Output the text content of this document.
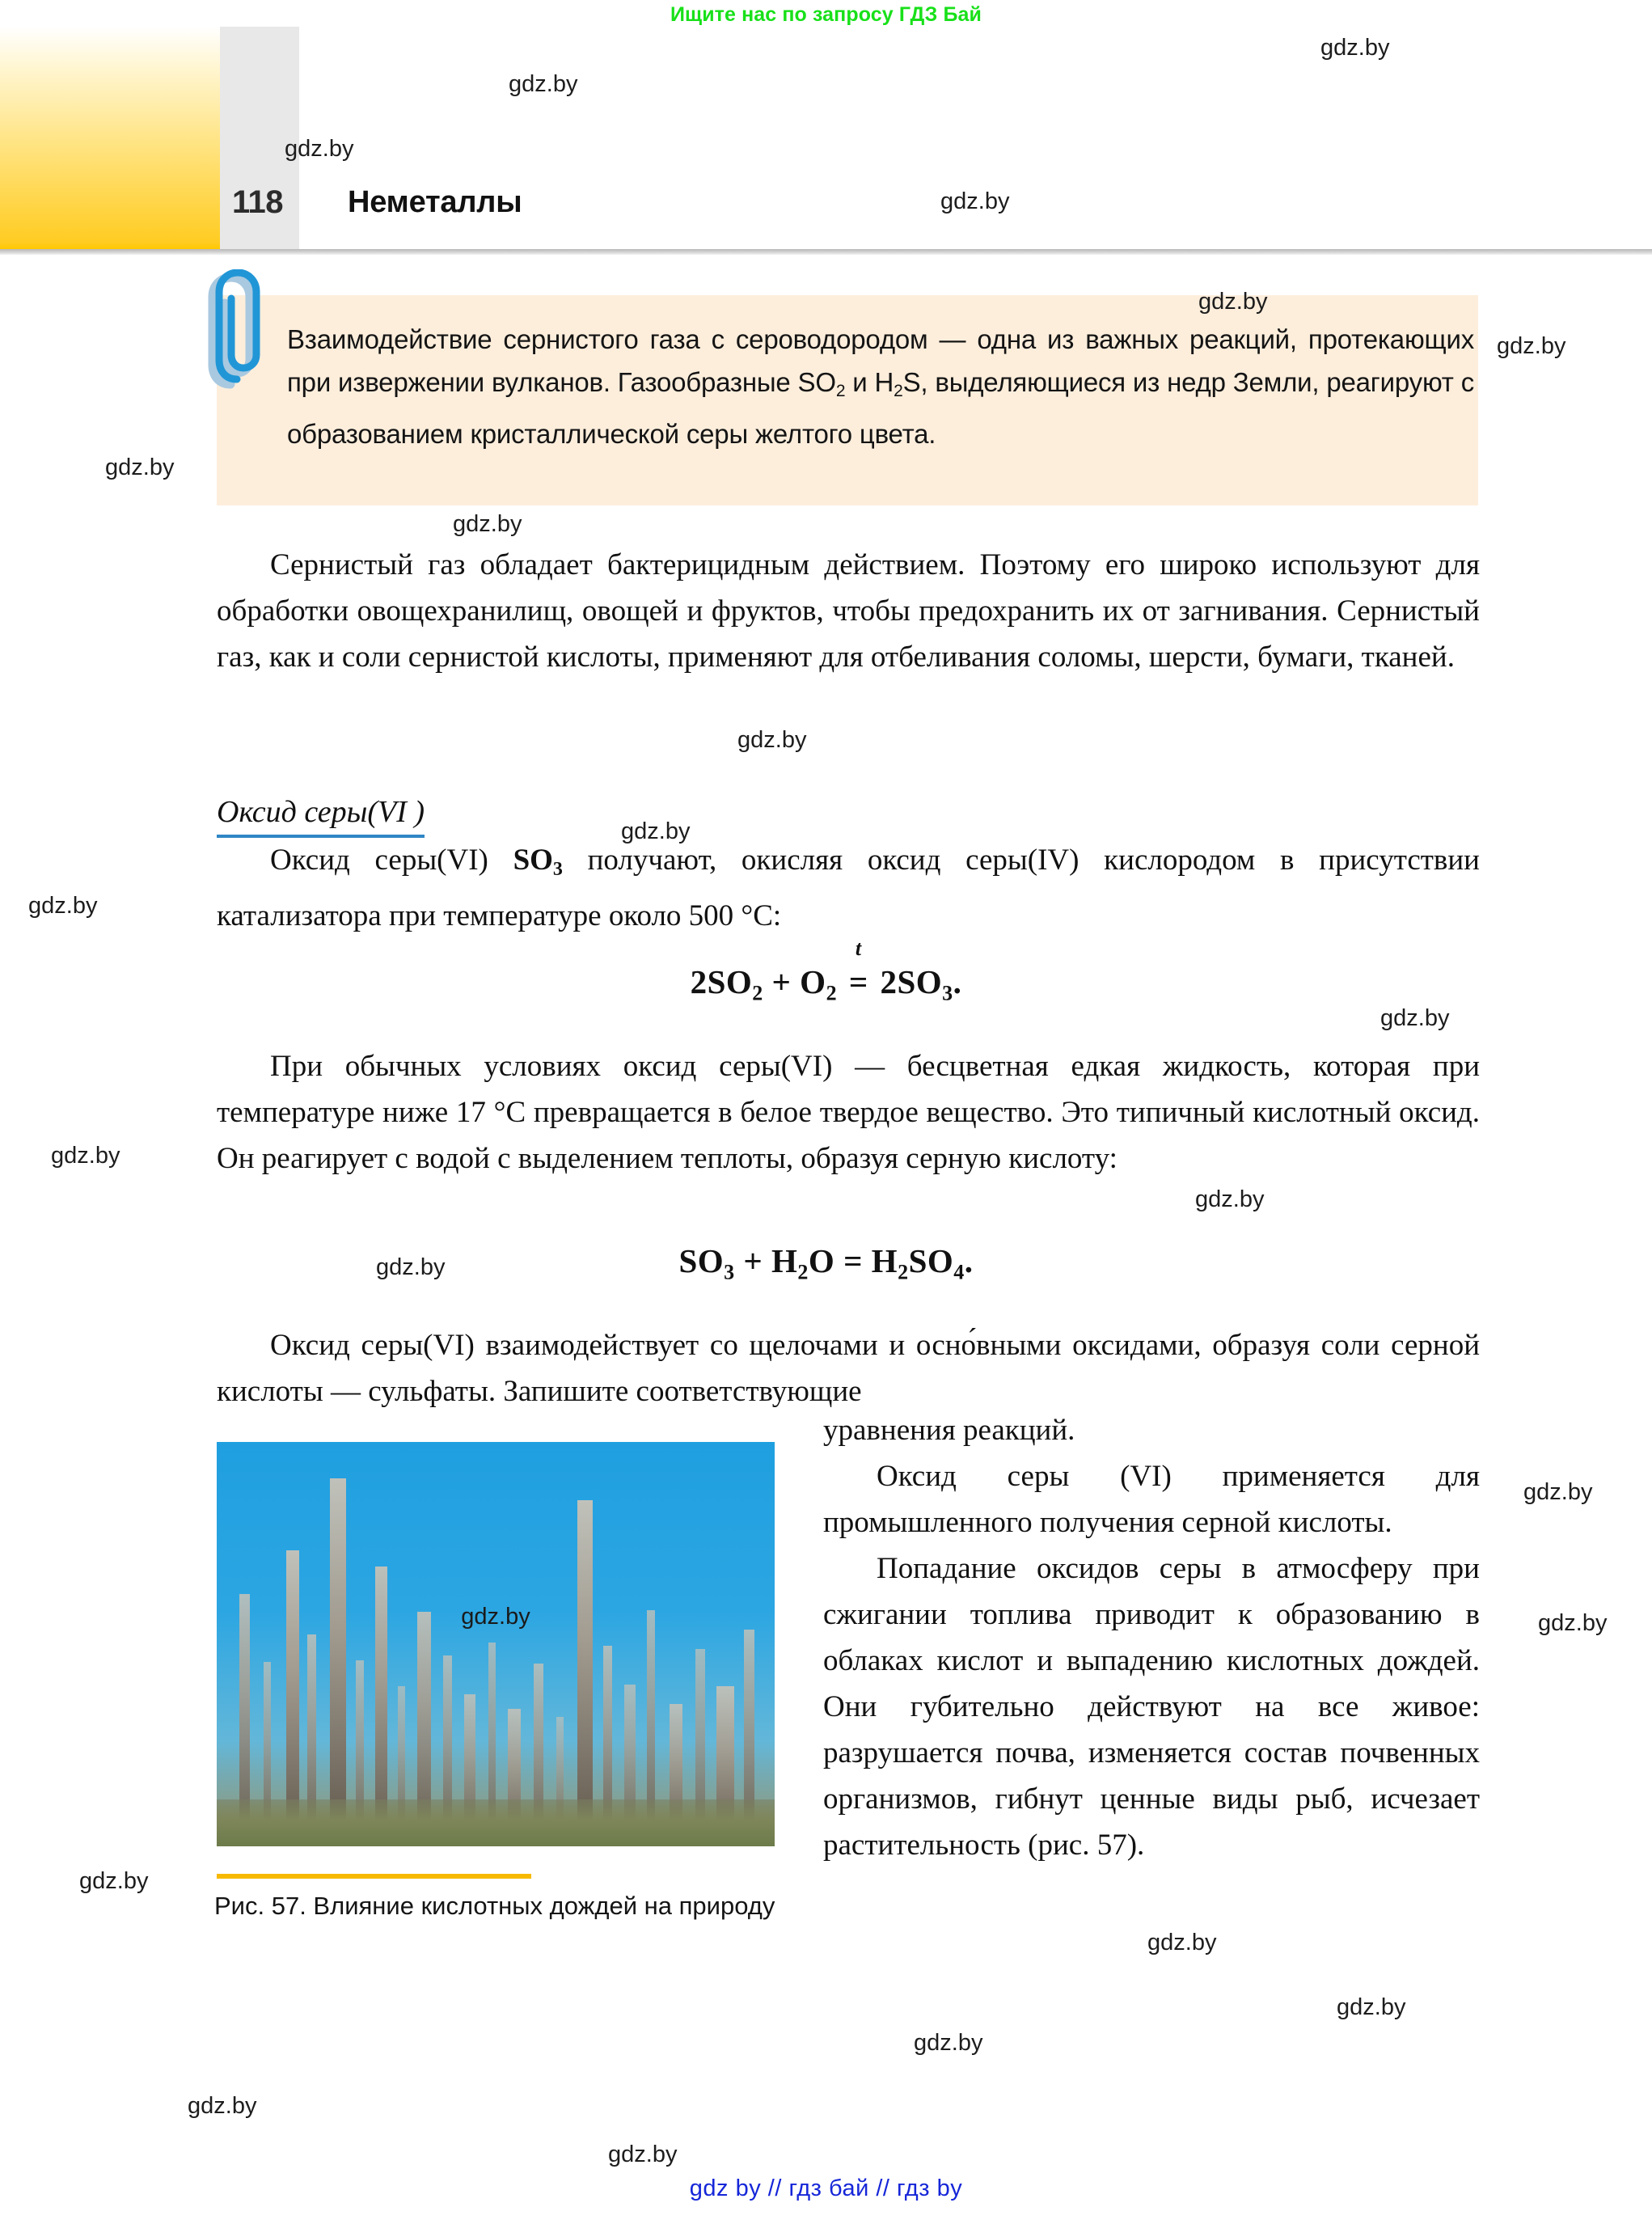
Ищите нас по запросу ГДЗ Бай
118 Неметаллы
Взаимодействие сернистого газа с сероводородом — одна из важных реакций, протекающих при извержении вулканов. Газообразные $SO_2$ и $H_2S$, выделяющиеся из недр Земли, реагируют с образованием кристаллической серы желтого цвета.
Сернистый газ обладает бактерицидным действием. Поэтому его широко используют для обработки овощехранилищ, овощей и фруктов, чтобы предохранить их от загнивания. Сернистый газ, как и соли сернистой кислоты, применяют для отбеливания соломы, шерсти, бумаги, тканей.
Оксид серы(VI )
Оксид серы(VI) $SO_3$ получают, окисляя оксид серы(IV) кислородом в присутствии катализатора при температуре около 500 °C:
$2SO_2 + O_2$
t
= $2SO_3$.
При обычных условиях оксид серы(VI) — бесцветная едкая жидкость, которая при температуре ниже 17 °C превращается в белое твердое вещество. Это типичный кислотный оксид. Он реагирует с водой с выделением теплоты, образуя серную кислоту:
$SO_3 + H_2O = H_2SO_4$.
Оксид серы(VI) взаимодействует со щелочами и осно́вными оксидами, образуя соли серной кислоты — сульфаты. Запишите соответствующие
gdz.by
Рис. 57. Влияние кислотных дождей на природу

уравнения реакций.

Оксид серы (VI) применяется для промышленного получения серной кислоты.

Попадание оксидов серы в атмосферу при сжигании топлива приводит к образованию в облаках кислот и выпадению кислотных дождей. Они губительно действуют на все живое: разрушается почва, изменяется состав почвенных организмов, гибнут ценные виды рыб, исчезает растительность (рис. 57).

gdz by // гдз бай // гдз by
gdz.by
gdz.by
gdz.by
gdz.by
gdz.by
gdz.by
gdz.by
gdz.by
gdz.by
gdz.by
gdz.by
gdz.by
gdz.by
gdz.by
gdz.by
gdz.by
gdz.by
gdz.by
gdz.by
gdz.by
gdz.by
gdz.by
gdz.by
